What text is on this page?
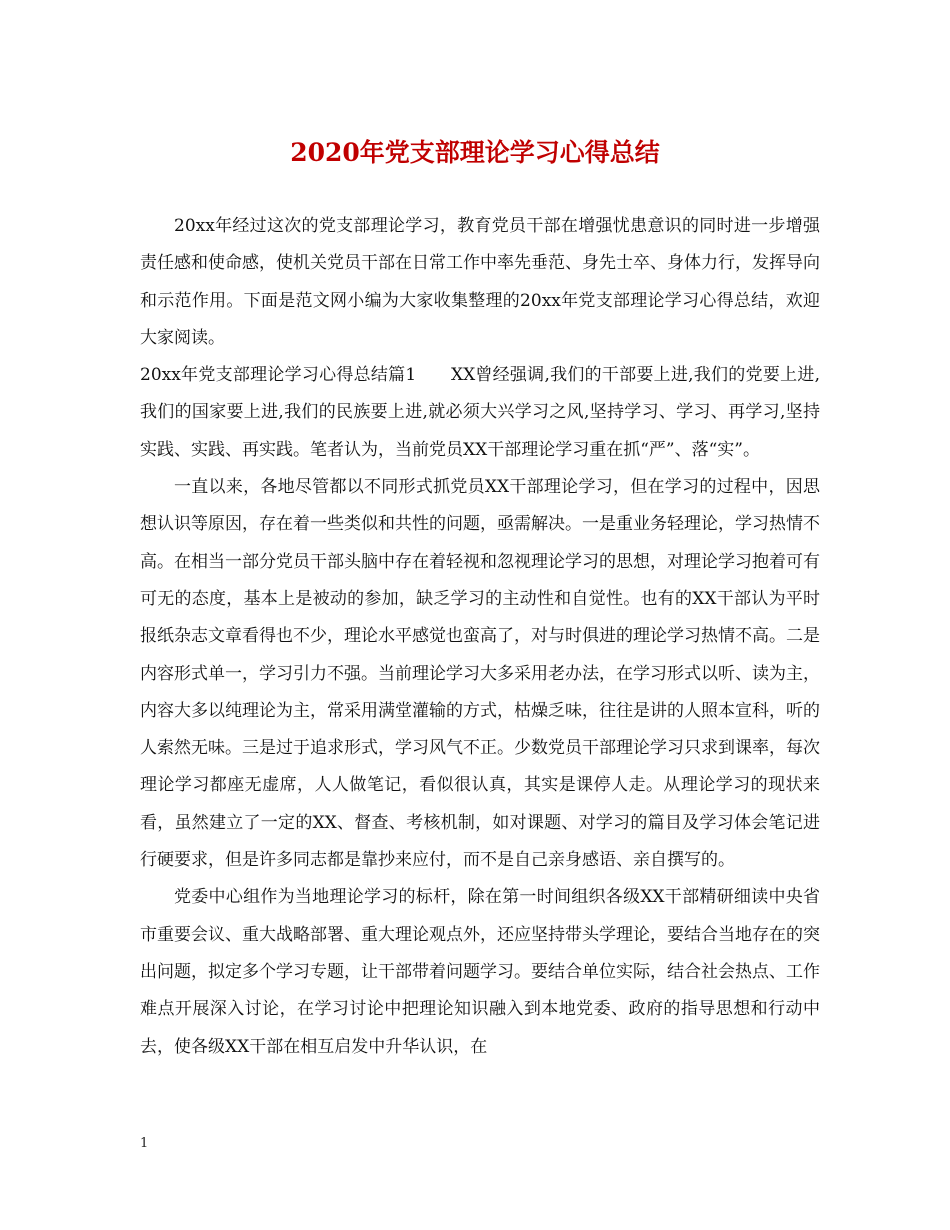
2020年党支部理论学习心得总结

20xx年经过这次的党支部理论学习，教育党员干部在增强忧患意识的同时进一步增强责任感和使命感，使机关党员干部在日常工作中率先垂范、身先士卒、身体力行，发挥导向和示范作用。下面是范文网小编为大家收集整理的20xx年党支部理论学习心得总结，欢迎大家阅读。

20xx年党支部理论学习心得总结篇1　　XX曾经强调,我们的干部要上进,我们的党要上进,我们的国家要上进,我们的民族要上进,就必须大兴学习之风,坚持学习、学习、再学习,坚持实践、实践、再实践。笔者认为，当前党员XX干部理论学习重在抓“严”、落“实”。

一直以来，各地尽管都以不同形式抓党员XX干部理论学习，但在学习的过程中，因思想认识等原因，存在着一些类似和共性的问题，亟需解决。一是重业务轻理论，学习热情不高。在相当一部分党员干部头脑中存在着轻视和忽视理论学习的思想，对理论学习抱着可有可无的态度，基本上是被动的参加，缺乏学习的主动性和自觉性。也有的XX干部认为平时报纸杂志文章看得也不少，理论水平感觉也蛮高了，对与时俱进的理论学习热情不高。二是内容形式单一，学习引力不强。当前理论学习大多采用老办法，在学习形式以听、读为主，内容大多以纯理论为主，常采用满堂灌输的方式，枯燥乏味，往往是讲的人照本宣科，听的人索然无味。三是过于追求形式，学习风气不正。少数党员干部理论学习只求到课率，每次理论学习都座无虚席，人人做笔记，看似很认真，其实是课停人走。从理论学习的现状来看，虽然建立了一定的XX、督查、考核机制，如对课题、对学习的篇目及学习体会笔记进行硬要求，但是许多同志都是靠抄来应付，而不是自己亲身感语、亲自撰写的。

党委中心组作为当地理论学习的标杆，除在第一时间组织各级XX干部精研细读中央省市重要会议、重大战略部署、重大理论观点外，还应坚持带头学理论，要结合当地存在的突出问题，拟定多个学习专题，让干部带着问题学习。要结合单位实际，结合社会热点、工作难点开展深入讨论，在学习讨论中把理论知识融入到本地党委、政府的指导思想和行动中去，使各级XX干部在相互启发中升华认识，在

1
